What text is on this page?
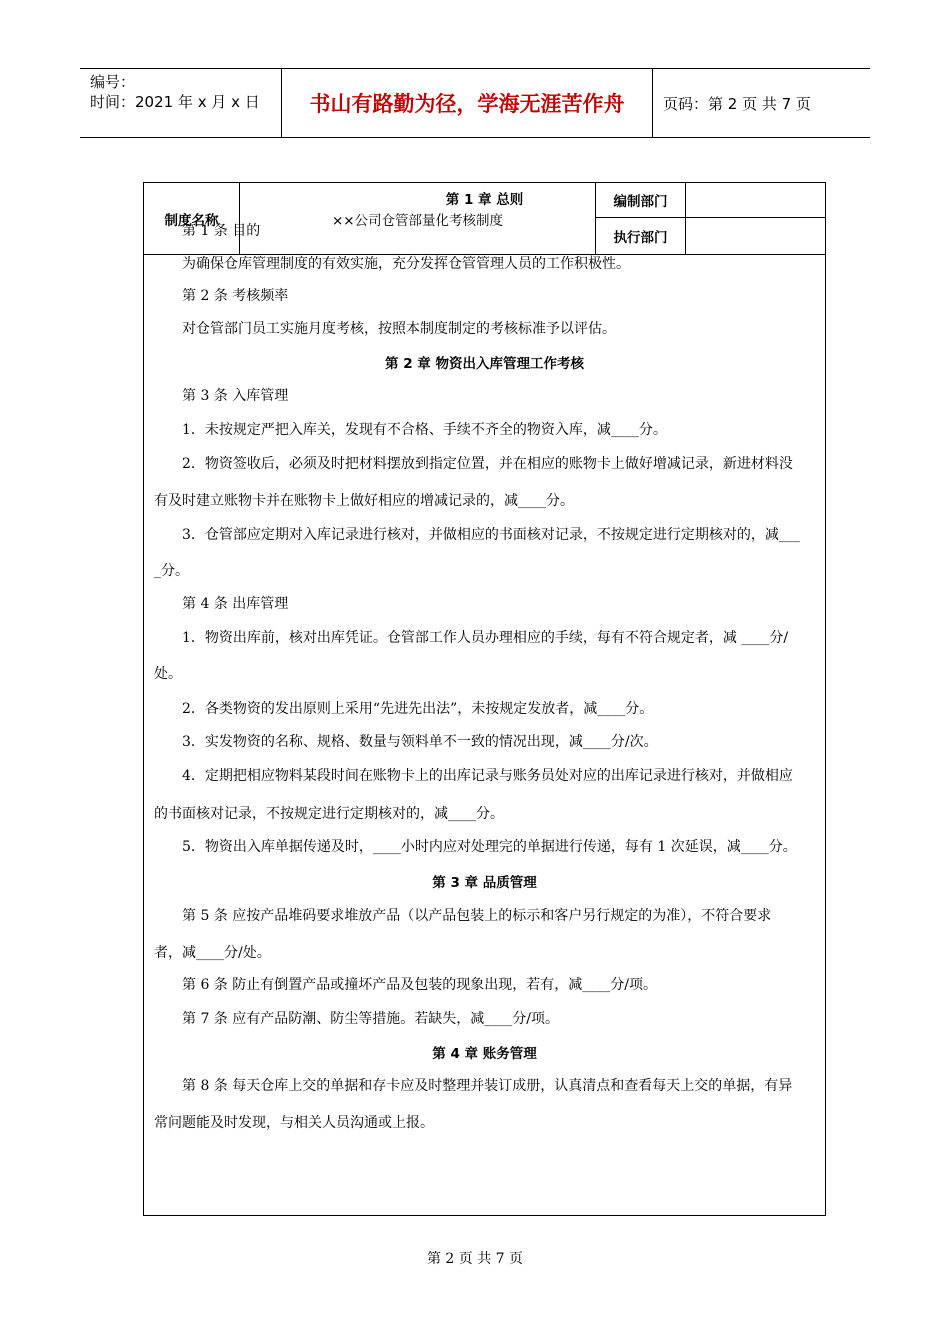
编号：
时间：2021 年 x 月 x 日	书山有路勤为径，学海无涯苦作舟	页码：第 2 页 共 7 页
制度名称	××公司仓管部量化考核制度
编制部门
执行部门
第 1 章 总则
第 1 条 目的
为确保仓库管理制度的有效实施，充分发挥仓管管理人员的工作积极性。
第 2 条 考核频率
对仓管部门员工实施月度考核，按照本制度制定的考核标准予以评估。
第 2 章 物资出入库管理工作考核
第 3 条 入库管理
1．未按规定严把入库关，发现有不合格、手续不齐全的物资入库，减____分。
2．物资签收后，必须及时把材料摆放到指定位置，并在相应的账物卡上做好增减记录，新进材料没
有及时建立账物卡并在账物卡上做好相应的增减记录的，减____分。
3．仓管部应定期对入库记录进行核对，并做相应的书面核对记录，不按规定进行定期核对的，减___
_分。
第 4 条 出库管理
1．物资出库前，核对出库凭证。仓管部工作人员办理相应的手续，每有不符合规定者，减 ____分/
处。
2．各类物资的发出原则上采用“先进先出法”，未按规定发放者，减____分。
3．实发物资的名称、规格、数量与领料单不一致的情况出现，减____分/次。
4．定期把相应物料某段时间在账物卡上的出库记录与账务员处对应的出库记录进行核对，并做相应
的书面核对记录，不按规定进行定期核对的，减____分。
5．物资出入库单据传递及时，____小时内应对处理完的单据进行传递，每有 1 次延误，减____分。
第 3 章 品质管理
第 5 条 应按产品堆码要求堆放产品（以产品包装上的标示和客户另行规定的为准），不符合要求
者，减____分/处。
第 6 条 防止有倒置产品或撞坏产品及包装的现象出现，若有，减____分/项。
第 7 条 应有产品防潮、防尘等措施。若缺失，减____分/项。
第 4 章 账务管理
第 8 条 每天仓库上交的单据和存卡应及时整理并装订成册，认真清点和查看每天上交的单据，有异
常问题能及时发现，与相关人员沟通或上报。
第 2 页 共 7 页
